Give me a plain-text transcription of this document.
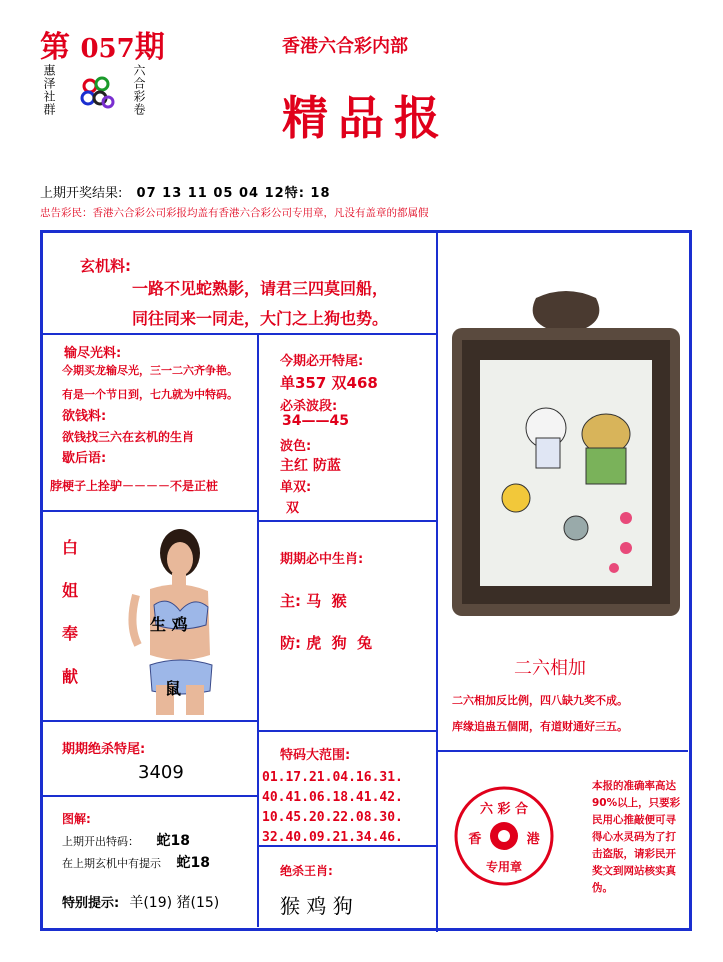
第 057期
惠泽社群	六合彩卷
香港六合彩内部
精品报
上期开奖结果: 07 13 11 05 04 12特: 18
忠告彩民：香港六合彩公司彩报均盖有香港六合彩公司专用章，凡没有盖章的都属假
玄机料:
一路不见蛇熟影，请君三四莫回船，
同往同来一同走，大门之上狗也势。
输尽光料:
今期买龙输尽光，三一二六齐争艳。
有是一个节日到，七九就为中特码。
欲钱料:
欲钱找三六在玄机的生肖
歇后语:
脖梗子上拴驴－－－－不是正桩
今期必开特尾:
单357 双468
必杀波段:
34——45
波色:
主红 防蓝
单双:
双
白姐奉献
生 鸡
鼠
期期必中生肖:
主: 马  猴
防: 虎  狗  兔
二六相加
二六相加反比例，四八缺九奖不成。
库缘追蛊五個閒，有道财通好三五。
期期绝杀特尾:
3409
特码大范围:
01.17.21.04.16.31.
40.41.06.18.41.42.
10.45.20.22.08.30.
32.40.09.21.34.46.
图解:
上期开出特码： 蛇18
在上期玄机中有提示 蛇18
特别提示: 羊(19) 猪(15)
绝杀王肖:
猴 鸡 狗
六 彩 合
香          港
专用章
本报的准确率高达90%以上，只要彩民用心推敲便可寻得心水灵码为了打击盗版，请彩民开奖文到网站核实真伪。
